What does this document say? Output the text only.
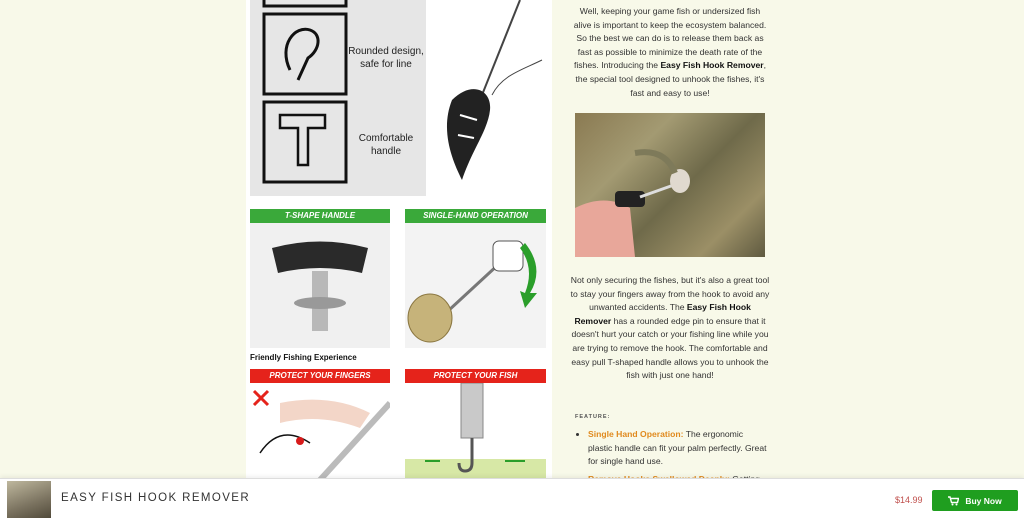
Rounded design,
safe for line
Comfortable
handle
T-SHAPE HANDLE	SINGLE-HAND OPERATION
Friendly Fishing Experience
PROTECT YOUR FINGERS	PROTECT YOUR FISH

Well, keeping your game fish or undersized fish alive is important to keep the ecosystem balanced. So the best we can do is to release them back as fast as possible to minimize the death rate of the fishes. Introducing the Easy Fish Hook Remover, the special tool designed to unhook the fishes, it's fast and easy to use!

Not only securing the fishes, but it's also a great tool to stay your fingers away from the hook to avoid any unwanted accidents. The Easy Fish Hook Remover has a rounded edge pin to ensure that it doesn't hurt your catch or your fishing line while you are trying to remove the hook. The comfortable and easy pull T-shaped handle allows you to unhook the fish with just one hand!

FEATURE:
• Single Hand Operation: The ergonomic plastic handle can fit your palm perfectly. Great for single hand use.
•
EASY FISH HOOK REMOVER	$14.99	Buy Now
